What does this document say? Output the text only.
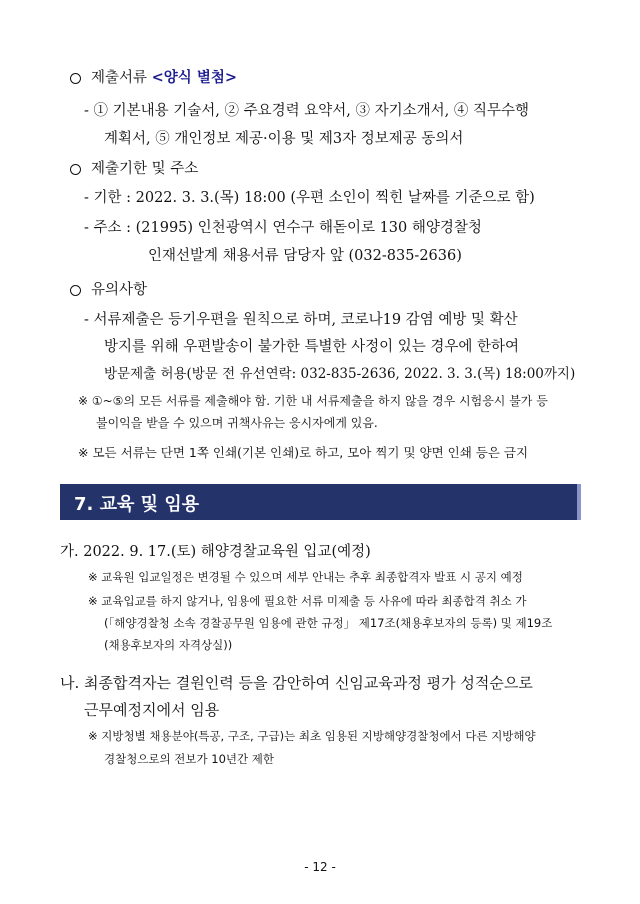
제출서류 <양식 별첨>
- ① 기본내용 기술서, ② 주요경력 요약서, ③ 자기소개서, ④ 직무수행
계획서, ⑤ 개인정보 제공·이용 및 제3자 정보제공 동의서
제출기한 및 주소
- 기한 : 2022. 3. 3.(목) 18:00 (우편 소인이 찍힌 날짜를 기준으로 함)
- 주소 : (21995) 인천광역시 연수구 해돋이로 130 해양경찰청
인재선발계 채용서류 담당자 앞 (032-835-2636)
유의사항
- 서류제출은 등기우편을 원칙으로 하며, 코로나19 감염 예방 및 확산
방지를 위해 우편발송이 불가한 특별한 사정이 있는 경우에 한하여
방문제출 허용(방문 전 유선연락: 032-835-2636, 2022. 3. 3.(목) 18:00까지)
※ ①~⑤의 모든 서류를 제출해야 함. 기한 내 서류제출을 하지 않을 경우 시험응시 불가 등
불이익을 받을 수 있으며 귀책사유는 응시자에게 있음.
※ 모든 서류는 단면 1쪽 인쇄(기본 인쇄)로 하고, 모아 찍기 및 양면 인쇄 등은 금지
7. 교육 및 임용
가. 2022. 9. 17.(토) 해양경찰교육원 입교(예정)
※ 교육원 입교일정은 변경될 수 있으며 세부 안내는 추후 최종합격자 발표 시 공지 예정
※ 교육입교를 하지 않거나, 임용에 필요한 서류 미제출 등 사유에 따라 최종합격 취소 가
(「해양경찰청 소속 경찰공무원 임용에 관한 규정」 제17조(채용후보자의 등록) 및 제19조
(채용후보자의 자격상실))
나. 최종합격자는 결원인력 등을 감안하여 신임교육과정 평가 성적순으로
근무예정지에서 임용
※ 지방청별 채용분야(특공, 구조, 구급)는 최초 임용된 지방해양경찰청에서 다른 지방해양
경찰청으로의 전보가 10년간 제한
- 12 -
